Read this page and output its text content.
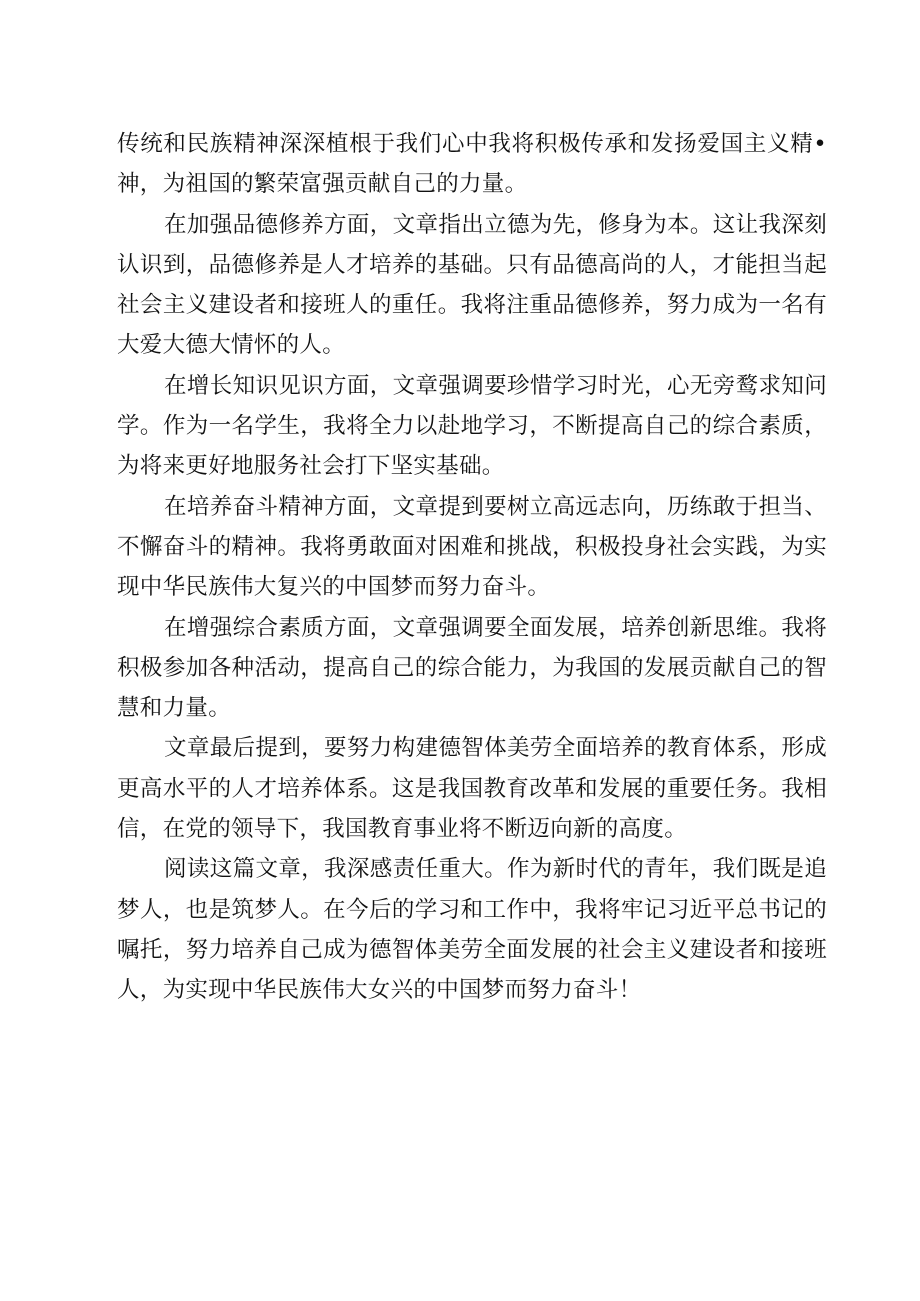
传统和民族精神深深植根于我们心中我将积极传承和发扬爱国主义精•神，为祖国的繁荣富强贡献自己的力量。

在加强品德修养方面，文章指出立德为先，修身为本。这让我深刻认识到，品德修养是人才培养的基础。只有品德高尚的人，才能担当起社会主义建设者和接班人的重任。我将注重品德修养，努力成为一名有大爱大德大情怀的人。

在增长知识见识方面，文章强调要珍惜学习时光，心无旁鹜求知问学。作为一名学生，我将全力以赴地学习，不断提高自己的综合素质，为将来更好地服务社会打下坚实基础。

在培养奋斗精神方面，文章提到要树立高远志向，历练敢于担当、不懈奋斗的精神。我将勇敢面对困难和挑战，积极投身社会实践，为实现中华民族伟大复兴的中国梦而努力奋斗。

在增强综合素质方面，文章强调要全面发展，培养创新思维。我将积极参加各种活动，提高自己的综合能力，为我国的发展贡献自己的智慧和力量。

文章最后提到，要努力构建德智体美劳全面培养的教育体系，形成更高水平的人才培养体系。这是我国教育改革和发展的重要任务。我相信，在党的领导下，我国教育事业将不断迈向新的高度。

阅读这篇文章，我深感责任重大。作为新时代的青年，我们既是追梦人，也是筑梦人。在今后的学习和工作中，我将牢记习近平总书记的嘱托，努力培养自己成为德智体美劳全面发展的社会主义建设者和接班人，为实现中华民族伟大女兴的中国梦而努力奋斗！
